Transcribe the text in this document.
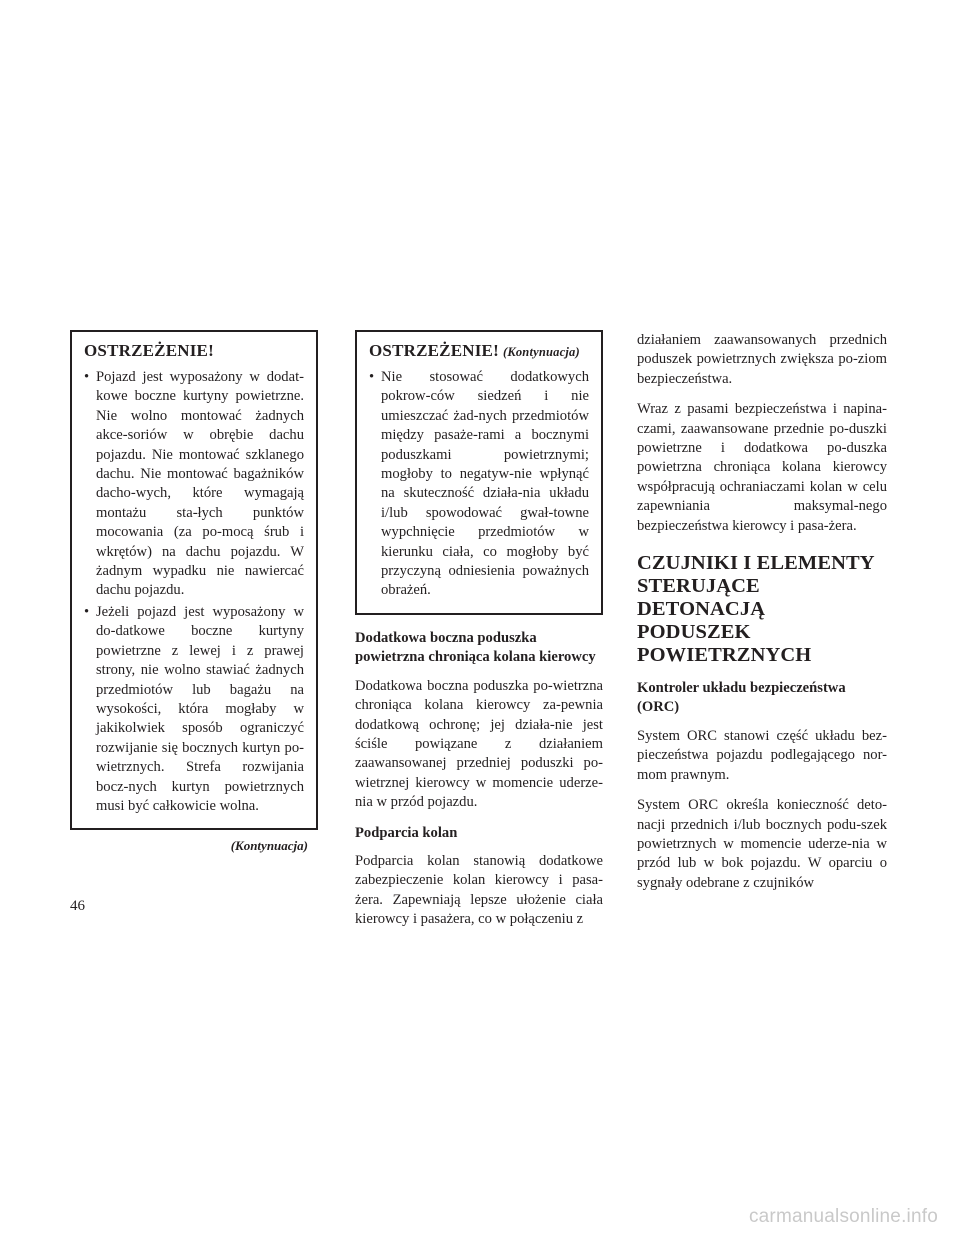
OSTRZEŻENIE!
• Pojazd jest wyposażony w dodat-kowe boczne kurtyny powietrzne. Nie wolno montować żadnych akce-soriów w obrębie dachu pojazdu. Nie montować szklanego dachu. Nie montować bagażników dacho-wych, które wymagają montażu sta-łych punktów mocowania (za po-mocą śrub i wkrętów) na dachu pojazdu. W żadnym wypadku nie nawiercać dachu pojazdu.
• Jeżeli pojazd jest wyposażony w do-datkowe boczne kurtyny powietrzne z lewej i z prawej strony, nie wolno stawiać żadnych przedmiotów lub bagażu na wysokości, która mogłaby w jakikolwiek sposób ograniczyć rozwijanie się bocznych kurtyn po-wietrznych. Strefa rozwijania bocz-nych kurtyn powietrznych musi być całkowicie wolna.
(Kontynuacja)
OSTRZEŻENIE! (Kontynuacja)
• Nie stosować dodatkowych pokrow-ców siedzeń i nie umieszczać żad-nych przedmiotów między pasaże-rami a bocznymi poduszkami powietrznymi; mogłoby to negatyw-nie wpłynąć na skuteczność działa-nia układu i/lub spowodować gwał-towne wypchnięcie przedmiotów w kierunku ciała, co mogłoby być przyczyną odniesienia poważnych obrażeń.
Dodatkowa boczna poduszka
powietrzna chroniąca kolana kierowcy

Dodatkowa boczna poduszka po-wietrzna chroniąca kolana kierowcy za-pewnia dodatkową ochronę; jej działa-nie jest ściśle powiązane z działaniem zaawansowanej przedniej poduszki po-wietrznej kierowcy w momencie uderze-nia w przód pojazdu.

Podparcia kolan

Podparcia kolan stanowią dodatkowe zabezpieczenie kolan kierowcy i pasa-żera. Zapewniają lepsze ułożenie ciała kierowcy i pasażera, co w połączeniu z

działaniem zaawansowanych przednich poduszek powietrznych zwiększa po-ziom bezpieczeństwa.

Wraz z pasami bezpieczeństwa i napina-czami, zaawansowane przednie po-duszki powietrzne i dodatkowa po-duszka powietrzna chroniąca kolana kierowcy współpracują ochraniaczami kolan w celu zapewniania maksymal-nego bezpieczeństwa kierowcy i pasa-żera.

CZUJNIKI I ELEMENTY
STERUJĄCE DETONACJĄ
PODUSZEK
POWIETRZNYCH
Kontroler układu bezpieczeństwa
(ORC)

System ORC stanowi część układu bez-pieczeństwa pojazdu podlegającego nor-mom prawnym.

System ORC określa konieczność deto-nacji przednich i/lub bocznych podu-szek powietrznych w momencie uderze-nia w przód lub w bok pojazdu. W oparciu o sygnały odebrane z czujników

46
carmanualsonline.info
